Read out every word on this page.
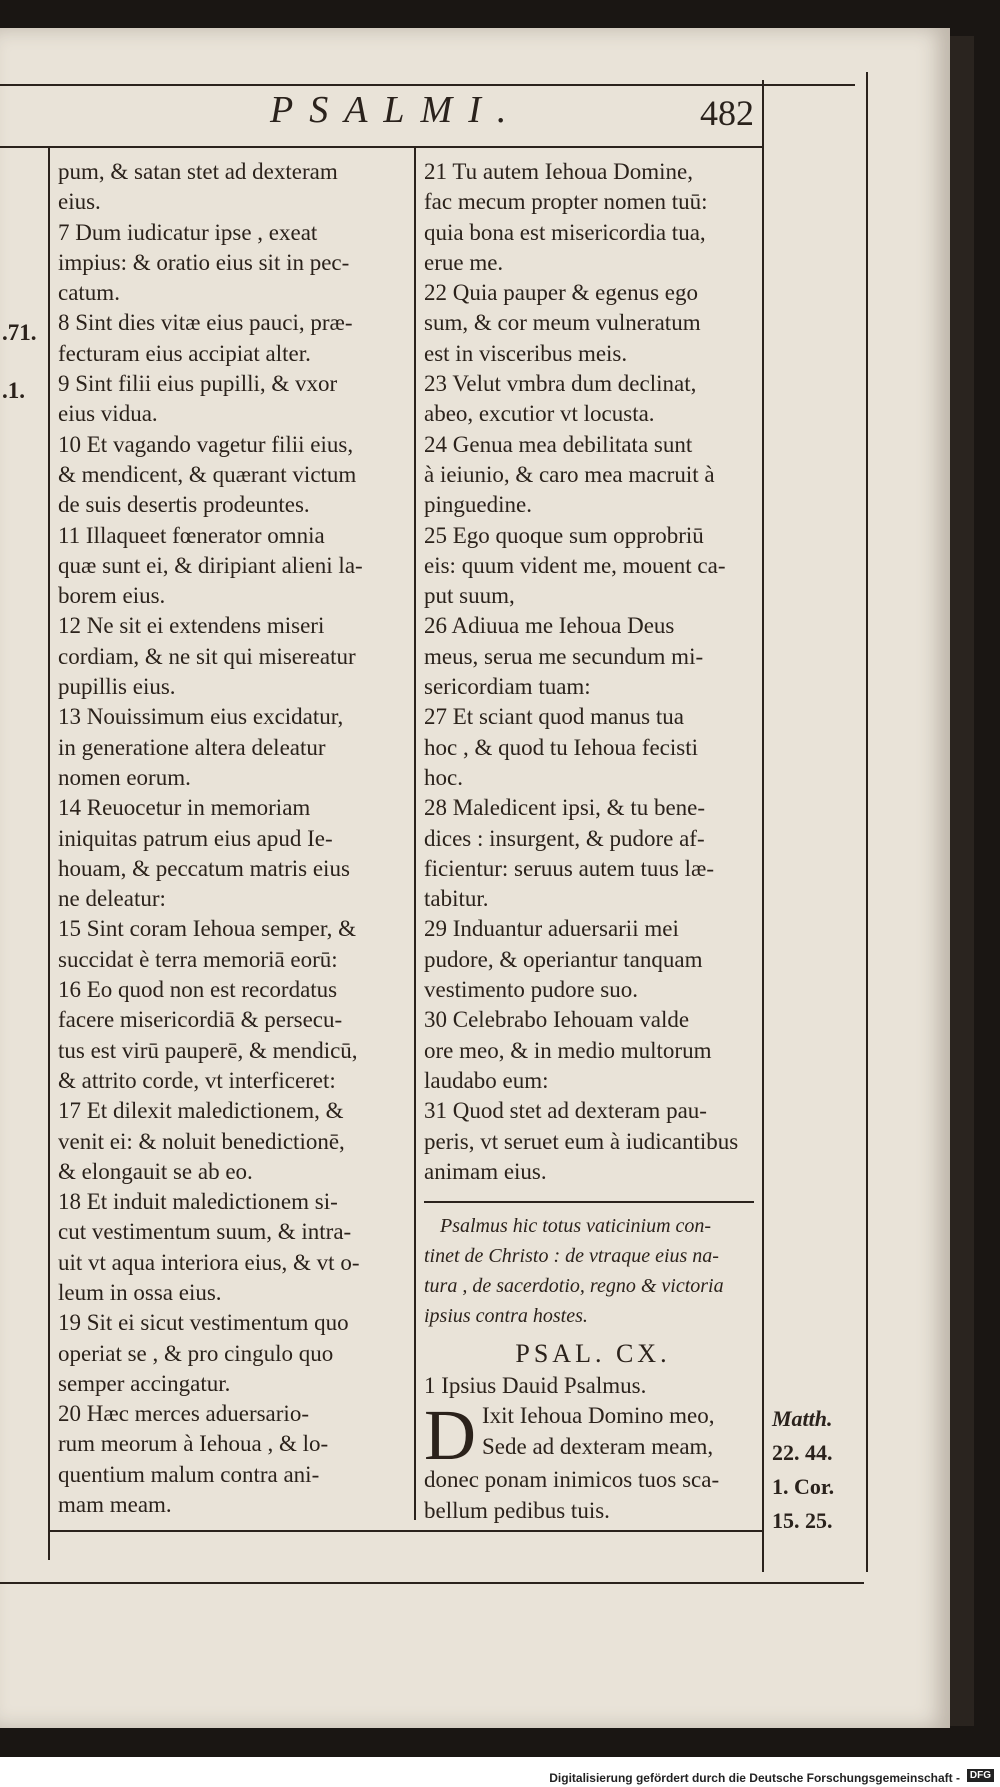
PSALMI.	482
.71.
.1.
pum, & satan stet ad dexteram
eius.
7 Dum iudicatur ipse , exeat
impius: & oratio eius sit in pec-
catum.
8 Sint dies vitæ eius pauci, præ-
fecturam eius accipiat alter.
9 Sint filii eius pupilli, & vxor
eius vidua.
10 Et vagando vagetur filii eius,
& mendicent, & quærant victum
de suis desertis prodeuntes.
11 Illaqueet fœnerator omnia
quæ sunt ei, & diripiant alieni la-
borem eius.
12 Ne sit ei extendens miseri
cordiam, & ne sit qui misereatur
pupillis eius.
13 Nouissimum eius excidatur,
in generatione altera deleatur
nomen eorum.
14 Reuocetur in memoriam
iniquitas patrum eius apud Ie-
houam, & peccatum matris eius
ne deleatur:
15 Sint coram Iehoua semper, &
succidat è terra memoriā eorū:
16 Eo quod non est recordatus
facere misericordiā & persecu-
tus est virū pauperē, & mendicū,
& attrito corde, vt interficeret:
17 Et dilexit maledictionem, &
venit ei: & noluit benedictionē,
& elongauit se ab eo.
18 Et induit maledictionem si-
cut vestimentum suum, & intra-
uit vt aqua interiora eius, & vt o-
leum in ossa eius.
19 Sit ei sicut vestimentum quo
operiat se , & pro cingulo quo
semper accingatur.
20 Hæc merces aduersario-
rum meorum à Iehoua , & lo-
quentium malum contra ani-
mam meam.
21 Tu autem Iehoua Domine,
fac mecum propter nomen tuū:
quia bona est misericordia tua,
erue me.
22 Quia pauper & egenus ego
sum, & cor meum vulneratum
est in visceribus meis.
23 Velut vmbra dum declinat,
abeo, excutior vt locusta.
24 Genua mea debilitata sunt
à ieiunio, & caro mea macruit à
pinguedine.
25 Ego quoque sum opprobriū
eis: quum vident me, mouent ca-
put suum,
26 Adiuua me Iehoua Deus
meus, serua me secundum mi-
sericordiam tuam:
27 Et sciant quod manus tua
hoc , & quod tu Iehoua fecisti
hoc.
28 Maledicent ipsi, & tu bene-
dices : insurgent, & pudore af-
ficientur: seruus autem tuus læ-
tabitur.
29 Induantur aduersarii mei
pudore, & operiantur tanquam
vestimento pudore suo.
30 Celebrabo Iehouam valde
ore meo, & in medio multorum
laudabo eum:
31 Quod stet ad dexteram pau-
peris, vt seruet eum à iudicantibus
animam eius.
Psalmus hic totus vaticinium con-
tinet de Christo : de vtraque eius na-
tura , de sacerdotio, regno & victoria
ipsius contra hostes.
PSAL. CX.
1 Ipsius Dauid Psalmus.
D Ixit Iehoua Domino meo,
Sede ad dexteram meam,
donec ponam inimicos tuos sca-
bellum pedibus tuis.
Matth.
22. 44.
1. Cor.
15. 25.
Digitalisierung gefördert durch die Deutsche Forschungsgemeinschaft - DFG
